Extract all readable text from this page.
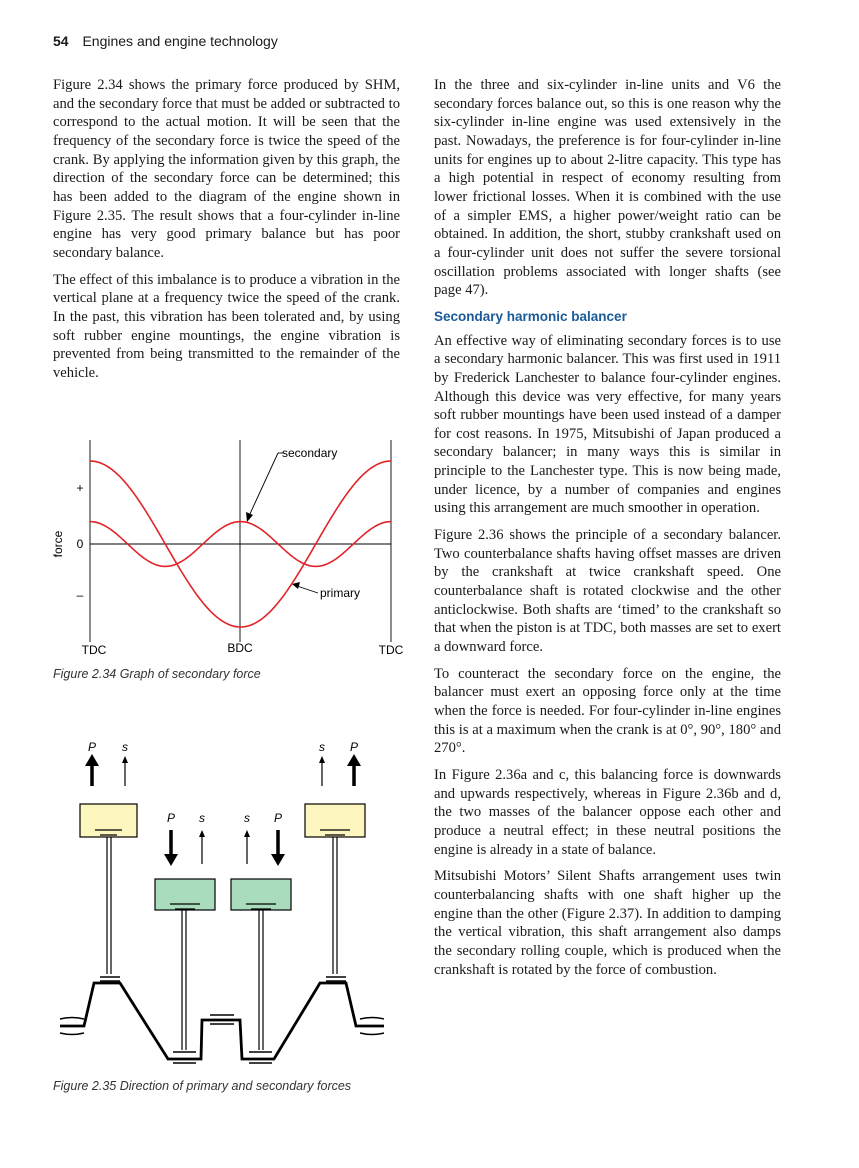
54 Engines and engine technology

Figure 2.34 shows the primary force produced by SHM, and the secondary force that must be added or subtracted to correspond to the actual motion. It will be seen that the frequency of the secondary force is twice the speed of the crank. By applying the information given by this graph, the direction of the secondary force can be determined; this has been added to the diagram of the engine shown in Figure 2.35. The result shows that a four-cylinder in-line engine has very good primary balance but has poor secondary balance.

The effect of this imbalance is to produce a vibration in the vertical plane at a frequency twice the speed of the crank. In the past, this vibration has been tolerated and, by using soft rubber engine mountings, the engine vibration is prevented from being transmitted to the remainder of the vehicle.

+
0
–
force
TDC	BDC	TDC
secondary
primary
Figure 2.34 Graph of secondary force
P s	s P
P s	s P
Figure 2.35 Direction of primary and secondary forces

In the three and six-cylinder in-line units and V6 the secondary forces balance out, so this is one reason why the six-cylinder in-line engine was used extensively in the past. Nowadays, the preference is for four-cylinder in-line units for engines up to about 2-litre capacity. This type has a high potential in respect of economy resulting from lower frictional losses. When it is combined with the use of a simpler EMS, a higher power/weight ratio can be obtained. In addition, the short, stubby crankshaft used on a four-cylinder unit does not suffer the severe torsional oscillation problems associated with longer shafts (see page 47).

Secondary harmonic balancer

An effective way of eliminating secondary forces is to use a secondary harmonic balancer. This was first used in 1911 by Frederick Lanchester to balance four-cylinder engines. Although this device was very effective, for many years soft rubber mountings have been used instead of a damper for cost reasons. In 1975, Mitsubishi of Japan produced a secondary balancer; in many ways this is similar in principle to the Lanchester type. This is now being made, under licence, by a number of companies and engines using this arrangement are much smoother in operation.

Figure 2.36 shows the principle of a secondary balancer. Two counterbalance shafts having offset masses are driven by the crankshaft at twice crankshaft speed. One counterbalance shaft is rotated clockwise and the other anticlockwise. Both shafts are ‘timed’ to the crankshaft so that when the piston is at TDC, both masses are set to exert a downward force.

To counteract the secondary force on the engine, the balancer must exert an opposing force only at the time when the force is needed. For four-cylinder in-line engines this is at a maximum when the crank is at 0°, 90°, 180° and 270°.

In Figure 2.36a and c, this balancing force is downwards and upwards respectively, whereas in Figure 2.36b and d, the two masses of the balancer oppose each other and produce a neutral effect; in these neutral positions the engine is already in a state of balance.

Mitsubishi Motors’ Silent Shafts arrangement uses twin counterbalancing shafts with one shaft higher up the engine than the other (Figure 2.37). In addition to damping the vertical vibration, this shaft arrangement also damps the secondary rolling couple, which is produced when the crankshaft is rotated by the force of combustion.
